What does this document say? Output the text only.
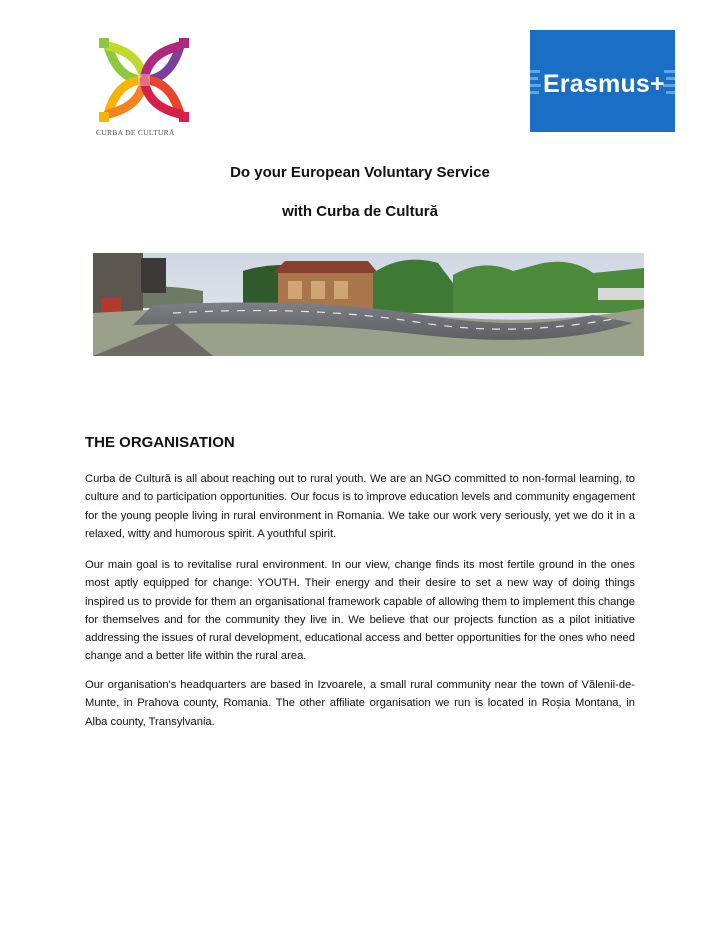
CURBA DE CULTURĂ
Erasmus+
Do your European Voluntary Service
with Curba de Cultură
THE ORGANISATION

Curba de Cultură is all about reaching out to rural youth. We are an NGO committed to non-formal learning, to culture and to participation opportunities. Our focus is to improve education levels and community engagement for the young people living in rural environment in Romania. We take our work very seriously, yet we do it in a relaxed, witty and humorous spirit. A youthful spirit.

Our main goal is to revitalise rural environment. In our view, change finds its most fertile ground in the ones most aptly equipped for change: YOUTH. Their energy and their desire to set a new way of doing things inspired us to provide for them an organisational framework capable of allowing them to implement this change for themselves and for the community they live in. We believe that our projects function as a pilot initiative addressing the issues of rural development, educational access and better opportunities for the ones who need change and a better life within the rural area.

Our organisation's headquarters are based in Izvoarele, a small rural community near the town of Vălenii-de-Munte, in Prahova county, Romania. The other affiliate organisation we run is located in Roșia Montana, in Alba county, Transylvania.
